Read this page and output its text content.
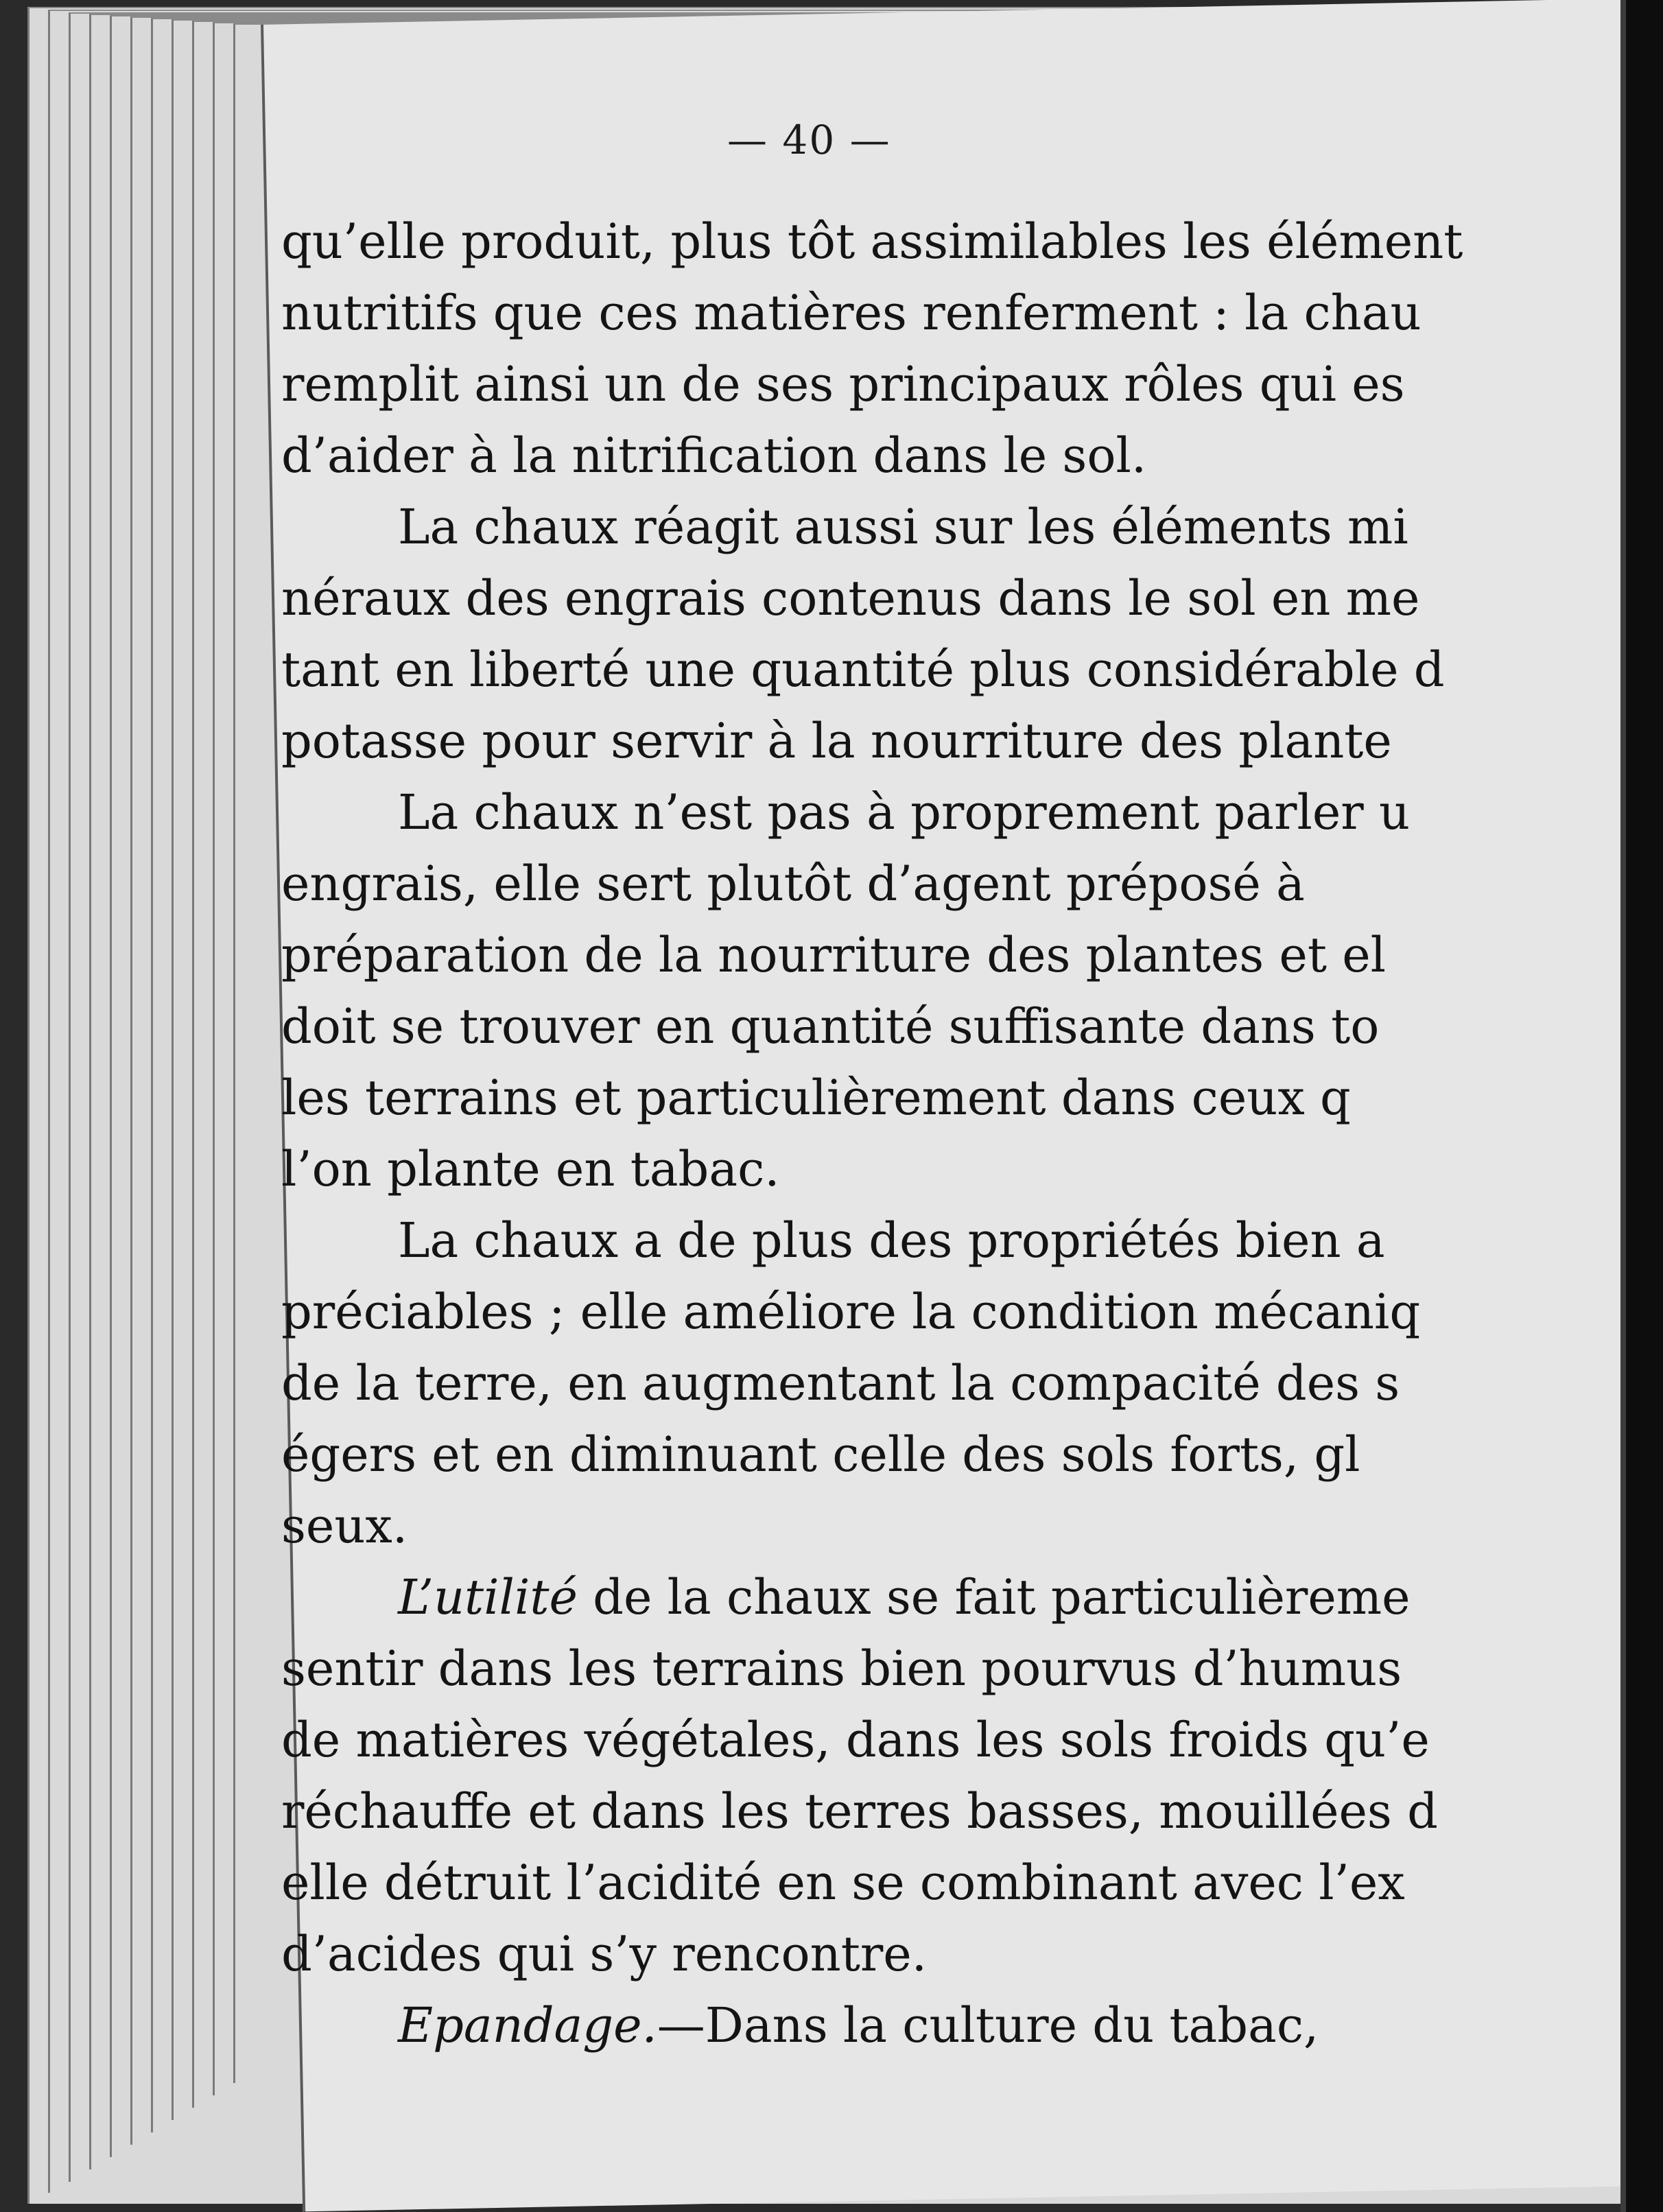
— 40 —
qu’elle produit, plus tôt assimilables les élément
nutritifs que ces matières renferment : la chau
remplit ainsi un de ses principaux rôles qui es
d’aider à la nitrification dans le sol.
La chaux réagit aussi sur les éléments mi
néraux des engrais contenus dans le sol en me
tant en liberté une quantité plus considérable d
potasse pour servir à la nourriture des plante
La chaux n’est pas à proprement parler u
engrais, elle sert plutôt d’agent préposé à
préparation de la nourriture des plantes et el
doit se trouver en quantité suffisante dans to
les terrains et particulièrement dans ceux q
l’on plante en tabac.
La chaux a de plus des propriétés bien a
préciables ; elle améliore la condition mécaniq
de la terre, en augmentant la compacité des s
égers et en diminuant celle des sols forts, gl
seux.
L’utilité de la chaux se fait particulièreme
sentir dans les terrains bien pourvus d’humus
de matières végétales, dans les sols froids qu’e
réchauffe et dans les terres basses, mouillées d
elle détruit l’acidité en se combinant avec l’ex
d’acides qui s’y rencontre.
Epandage.—Dans la culture du tabac,
